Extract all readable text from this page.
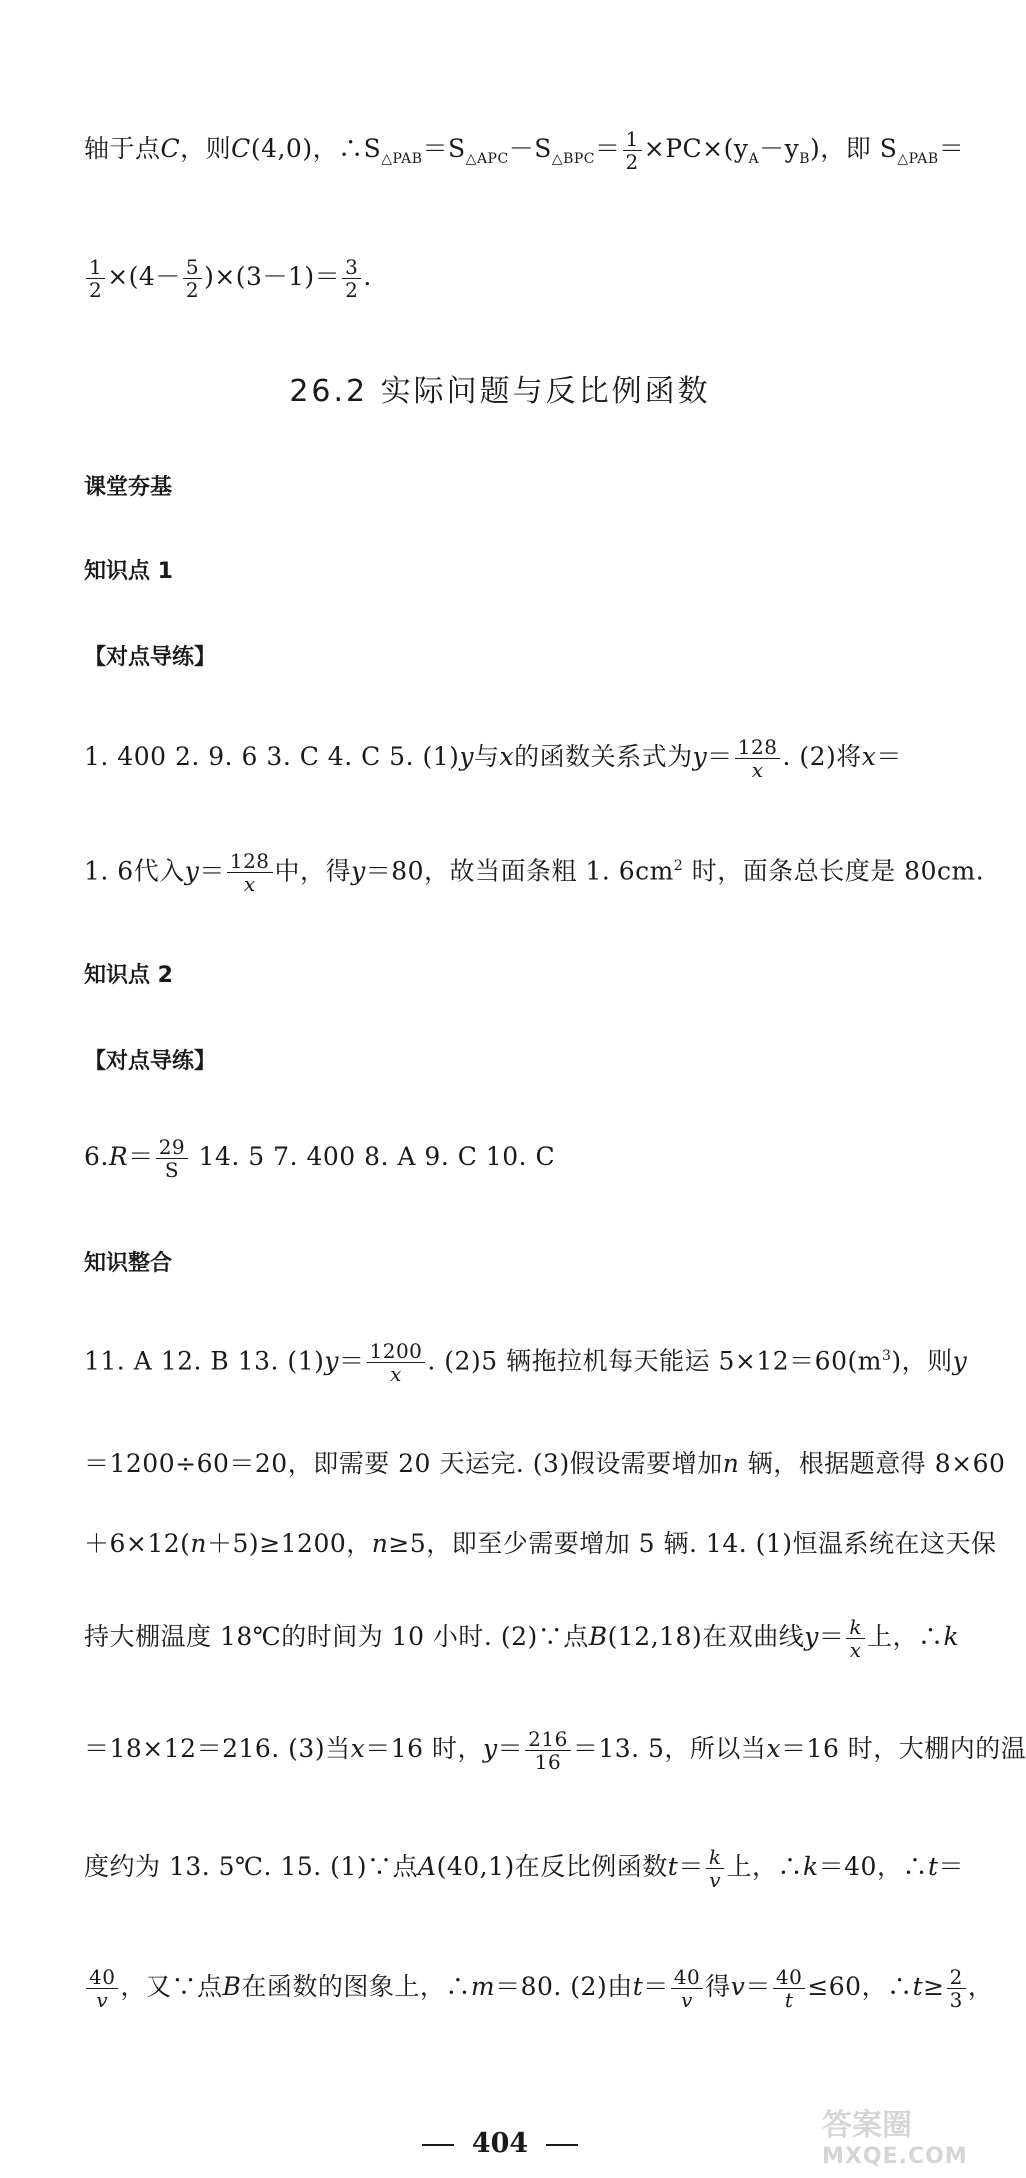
轴于点C，则C(4,0)，$\therefore S_{\triangle PAB}=S_{\triangle APC}-S_{\triangle BPC}= \frac{1}{2} \times PC\times(y_A-y_B)$，即 $S_{\triangle PAB}=$
$\frac{1}{2} \times(4- \frac{5}{2} )\times(3-1)= \frac{3}{2}$ .
26.2 实际问题与反比例函数
课堂夯基
知识点 1
【对点导练】
1. 400 2. 9. 6 3. C 4. C 5. (1)y与x的函数关系式为$y= \frac{128}{x}$ . (2)将x＝
1. 6代入$y= \frac{128}{x}$ 中，得y＝80，故当面条粗 1. $6cm^2$ 时，面条总长度是 80cm.
知识点 2
【对点导练】
$6.R= \frac{29}{S} 14$. 5 7. 400 8. A 9. C 10. C
知识整合
11. A 12. B 13. $(1)y= \frac{1200}{x}$ . (2)5 辆拖拉机每天能运 $5\times 12=60(m^3)$，则y
＝1200÷60＝20，即需要 20 天运完. (3)假设需要增加n 辆，根据题意得 8×60
＋6×12(n＋5)≥1200，n≥5，即至少需要增加 5 辆. 14. (1)恒温系统在这天保
持大棚温度 18℃的时间为 10 小时. (2)∵点B(12,18)在双曲线$y= \frac{k}{x}$ 上，∴k
＝18×12＝216. (3)当x＝16 时，$y= \frac{216}{16} =13$. 5，所以当x＝16 时，大棚内的温
度约为 13. 5℃. 15. (1)∵点A(40,1)在反比例函数$t= \frac{k}{v}$ 上，∴k＝40，∴t＝
$\frac{40}{v}$ ，又∵点B在函数的图象上，∴m＝80. (2)由$t= \frac{40}{v}$ 得$v= \frac{40}{t} \le 60$，∴t≥ $\frac{2}{3}$ ，
404
答案圈
MXQE.COM
